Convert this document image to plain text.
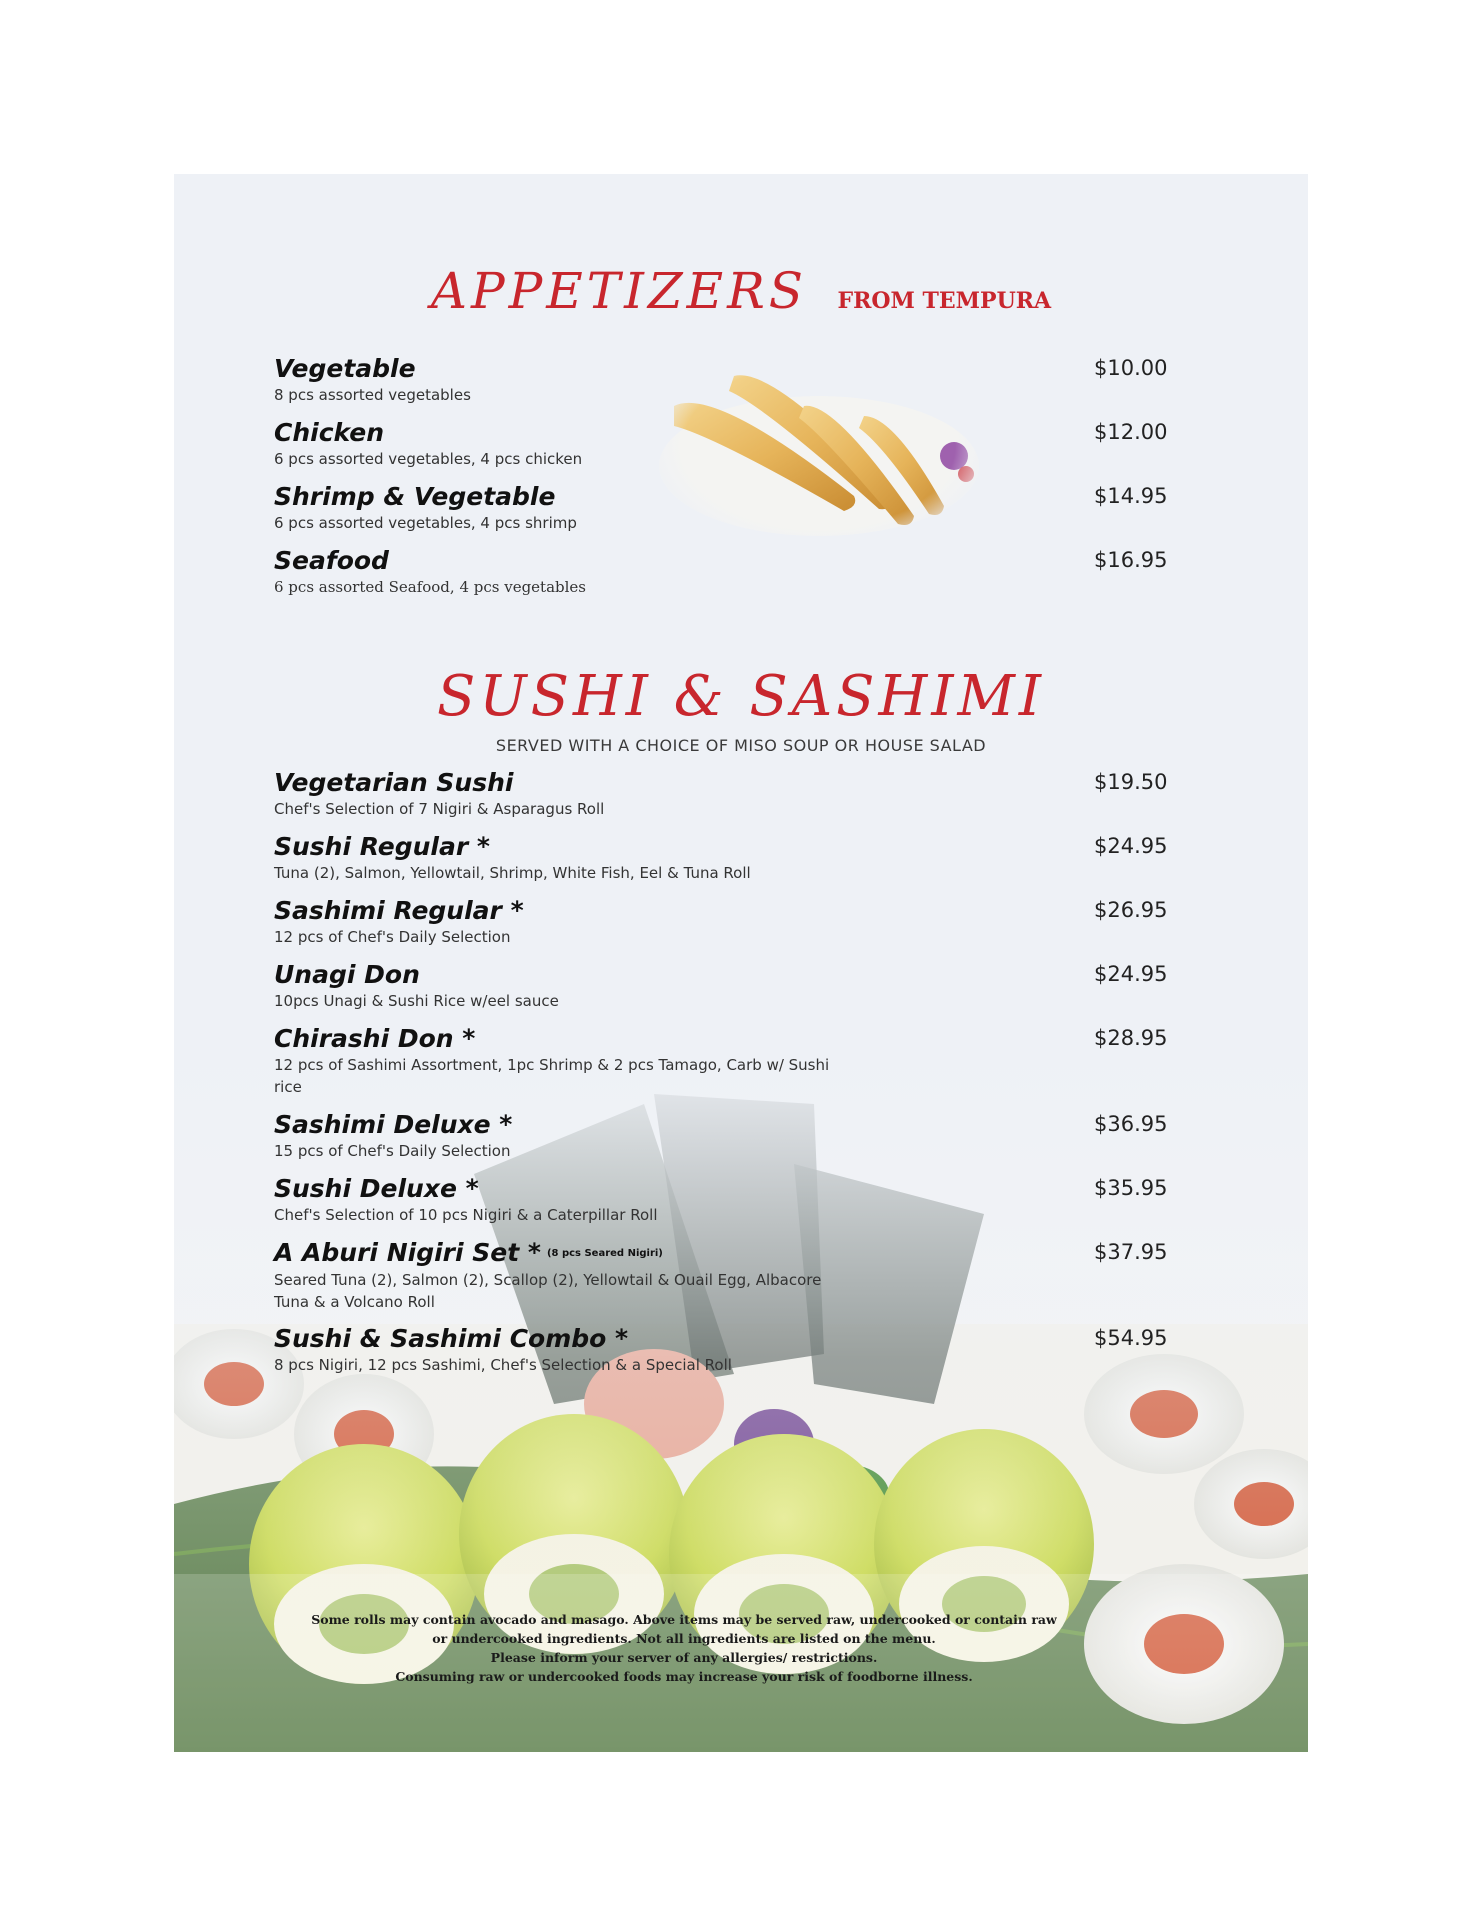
APPETIZERS FROM TEMPURA
Vegetable
8 pcs assorted vegetables
$10.00
Chicken
6 pcs assorted vegetables, 4 pcs chicken
$12.00
Shrimp & Vegetable
6 pcs assorted vegetables, 4 pcs shrimp
$14.95
Seafood
6 pcs assorted Seafood, 4 pcs vegetables
$16.95
SUSHI & SASHIMI
SERVED WITH A CHOICE OF MISO SOUP OR HOUSE SALAD
Vegetarian Sushi
Chef's Selection of 7 Nigiri & Asparagus Roll
$19.50
Sushi Regular *
Tuna (2), Salmon, Yellowtail, Shrimp, White Fish, Eel & Tuna Roll
$24.95
Sashimi Regular *
12 pcs of Chef's Daily Selection
$26.95
Unagi Don
10pcs Unagi & Sushi Rice w/eel sauce
$24.95
Chirashi Don *
12 pcs of Sashimi Assortment, 1pc Shrimp & 2 pcs Tamago, Carb w/ Sushi rice
$28.95
Sashimi Deluxe *
15 pcs of Chef's Daily Selection
$36.95
Sushi Deluxe *
Chef's Selection of 10 pcs Nigiri & a Caterpillar Roll
$35.95
A Aburi Nigiri Set * (8 pcs Seared Nigiri)
Seared Tuna (2), Salmon (2), Scallop (2), Yellowtail & Ouail Egg, Albacore Tuna & a Volcano Roll
$37.95
Sushi & Sashimi Combo *
8 pcs Nigiri, 12 pcs Sashimi, Chef's Selection & a Special Roll
$54.95
Some rolls may contain avocado and masago. Above items may be served raw, undercooked or contain raw
or undercooked ingredients. Not all ingredients are listed on the menu.
Please inform your server of any allergies/ restrictions.
Consuming raw or undercooked foods may increase your risk of foodborne illness.
